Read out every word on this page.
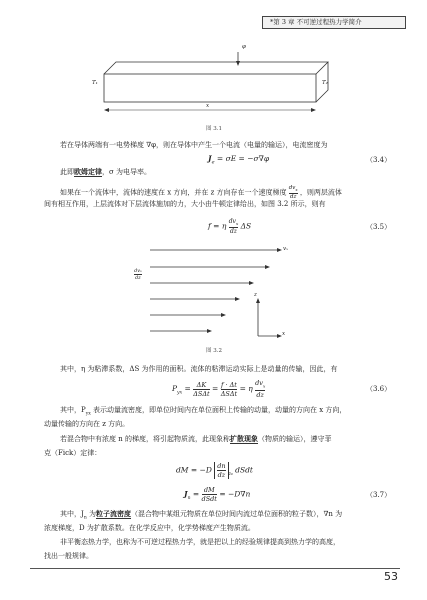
*第 3 章 不可逆过程热力学简介
φ
T₁	T₂
x
图 3.1
若在导体两端有一电势梯度 ∇φ，则在导体中产生一个电流（电量的输运），电流密度为
$J_e = \sigma E = -\sigma\nabla\varphi$	（3.4）
此即欧姆定律，σ 为电导率。
如果在一个流体中，流体的速度在 x 方向，并在 z 方向存在一个速度梯度
$dv_x$
dz
，则两层流体
间有相互作用，上层流体对下层流体施加的力，大小由牛顿定律给出，如图 3.2 所示，则有
f = η
$dv_x$
dz
ΔS	（3.5）
vₓ
dvₓ
dz
z
x
图 3.2
其中，η 为粘滞系数，ΔS 为作用的面积。流体的粘滞运动实际上是动量的传输，因此，有
$P_{yx} = \Delta K$
ΔSΔt
= f · Δt
ΔSΔt
= η
$dv_x$
dz
（3.6）
其中，$P_{yx}$ 表示动量流密度，即单位时间内在单位面积上传输的动量，动量的方向在 x 方向，
动量传输的方向在 z 方向。
若混合物中有浓度 n 的梯度，将引起物质流，此现象称扩散现象（物质的输运），遵守菲
克（Fick）定律：
dM = $-D \frac{dn}{dz} _{z_0}$ dSdt
$J_n$ = dM
dSdt
= −D∇n	（3.7）
其中，$J_n$ 为粒子流密度（混合物中某组元物质在单位时间内流过单位面积的粒子数），∇n 为
浓度梯度，D 为扩散系数。在化学反应中，化学势梯度产生物质流。
非平衡态热力学，也称为不可逆过程热力学，就是把以上的经验规律提高到热力学的高度，
找出一般规律。
53
